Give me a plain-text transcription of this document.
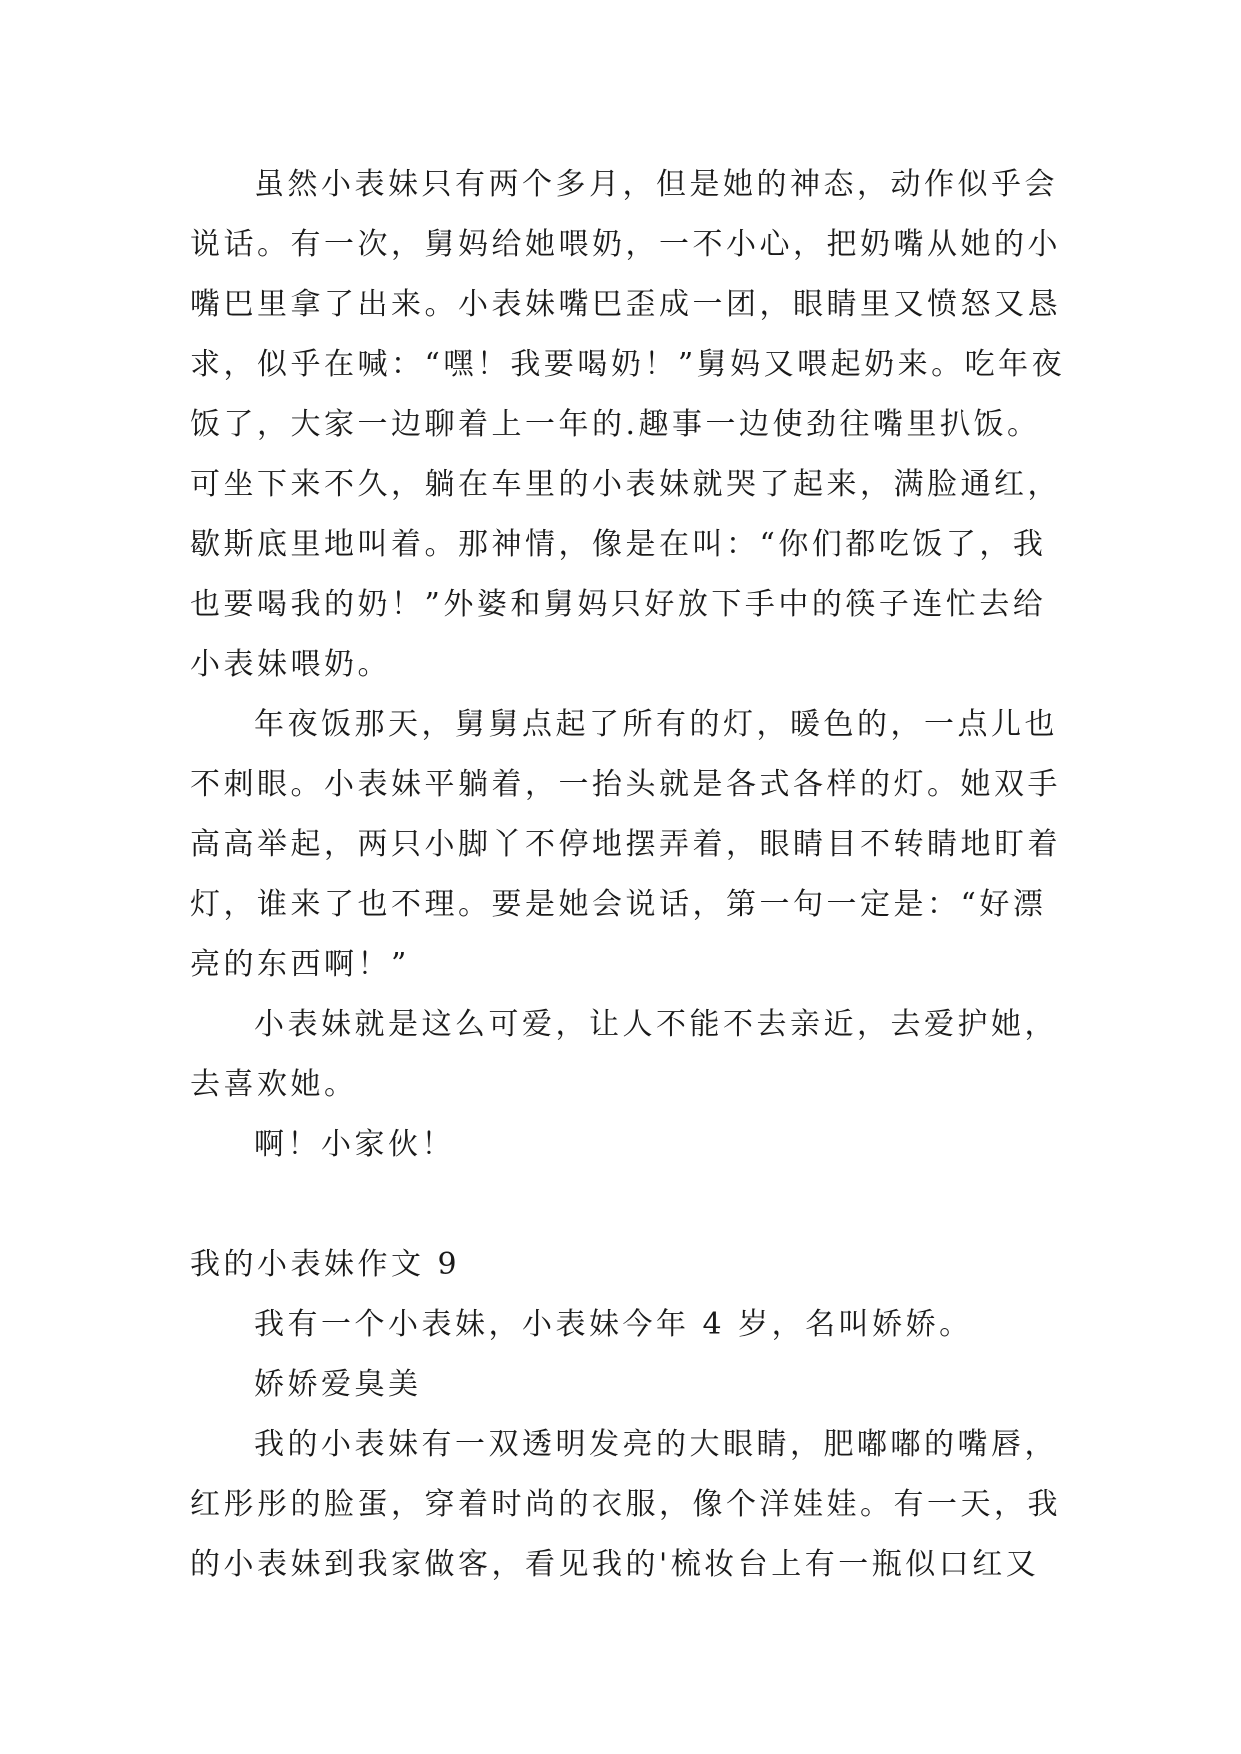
虽然小表妹只有两个多月，但是她的神态，动作似乎会
说话。有一次，舅妈给她喂奶，一不小心，把奶嘴从她的小
嘴巴里拿了出来。小表妹嘴巴歪成一团，眼睛里又愤怒又恳
求，似乎在喊：“嘿！我要喝奶！”舅妈又喂起奶来。吃年夜
饭了，大家一边聊着上一年的.趣事一边使劲往嘴里扒饭。
可坐下来不久，躺在车里的小表妹就哭了起来，满脸通红，
歇斯底里地叫着。那神情，像是在叫：“你们都吃饭了，我
也要喝我的奶！”外婆和舅妈只好放下手中的筷子连忙去给
小表妹喂奶。
年夜饭那天，舅舅点起了所有的灯，暖色的，一点儿也
不刺眼。小表妹平躺着，一抬头就是各式各样的灯。她双手
高高举起，两只小脚丫不停地摆弄着，眼睛目不转睛地盯着
灯，谁来了也不理。要是她会说话，第一句一定是：“好漂
亮的东西啊！”
小表妹就是这么可爱，让人不能不去亲近，去爱护她，
去喜欢她。
啊！小家伙！
我的小表妹作文 9
我有一个小表妹，小表妹今年 4 岁，名叫娇娇。
娇娇爱臭美
我的小表妹有一双透明发亮的大眼睛，肥嘟嘟的嘴唇，
红彤彤的脸蛋，穿着时尚的衣服，像个洋娃娃。有一天，我
的小表妹到我家做客，看见我的'梳妆台上有一瓶似口红又
